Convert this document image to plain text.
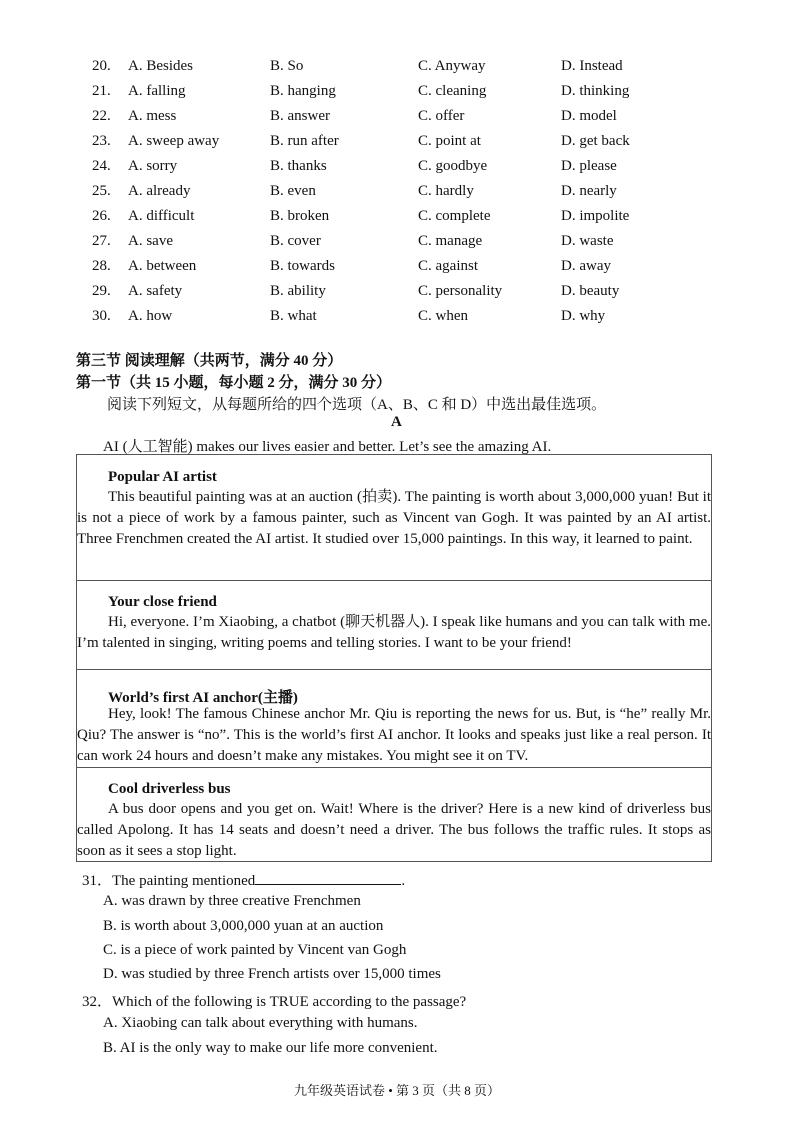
20. A. Besides	B. So	C. Anyway	D. Instead
21. A. falling	B. hanging	C. cleaning	D. thinking
22. A. mess	B. answer	C. offer	D. model
23. A. sweep away	B. run after	C. point at	D. get back
24. A. sorry	B. thanks	C. goodbye	D. please
25. A. already	B. even	C. hardly	D. nearly
26. A. difficult	B. broken	C. complete	D. impolite
27. A. save	B. cover	C. manage	D. waste
28. A. between	B. towards	C. against	D. away
29. A. safety	B. ability	C. personality	D. beauty
30. A. how	B. what	C. when	D. why
第三节 阅读理解（共两节，满分 40 分）
第一节（共 15 小题，每小题 2 分，满分 30 分）
阅读下列短文，从每题所给的四个选项（A、B、C 和 D）中选出最佳选项。
A
AI (人工智能) makes our lives easier and better. Let’s see the amazing AI.
Popular AI artist
This beautiful painting was at an auction (拍卖). The painting is worth about 3,000,000 yuan! But it is not a piece of work by a famous painter, such as Vincent van Gogh. It was painted by an AI artist. Three Frenchmen created the AI artist. It studied over 15,000 paintings. In this way, it learned to paint.
Your close friend
Hi, everyone. I’m Xiaobing, a chatbot (聊天机器人). I speak like humans and you can talk with me. I’m talented in singing, writing poems and telling stories. I want to be your friend!
World’s first AI anchor(主播)
Hey, look! The famous Chinese anchor Mr. Qiu is reporting the news for us. But, is “he” really Mr. Qiu? The answer is “no”. This is the world’s first AI anchor. It looks and speaks just like a real person. It can work 24 hours and doesn’t make any mistakes. You might see it on TV.
Cool driverless bus
A bus door opens and you get on. Wait! Where is the driver? Here is a new kind of driverless bus called Apolong. It has 14 seats and doesn’t need a driver. The bus follows the traffic rules. It stops as soon as it sees a stop light.
31．The painting mentioned	.
A. was drawn by three creative Frenchmen
B. is worth about 3,000,000 yuan at an auction
C. is a piece of work painted by Vincent van Gogh
D. was studied by three French artists over 15,000 times
32．Which of the following is TRUE according to the passage?
A. Xiaobing can talk about everything with humans.
B. AI is the only way to make our life more convenient.
九年级英语试卷 • 第 3 页（共 8 页）
